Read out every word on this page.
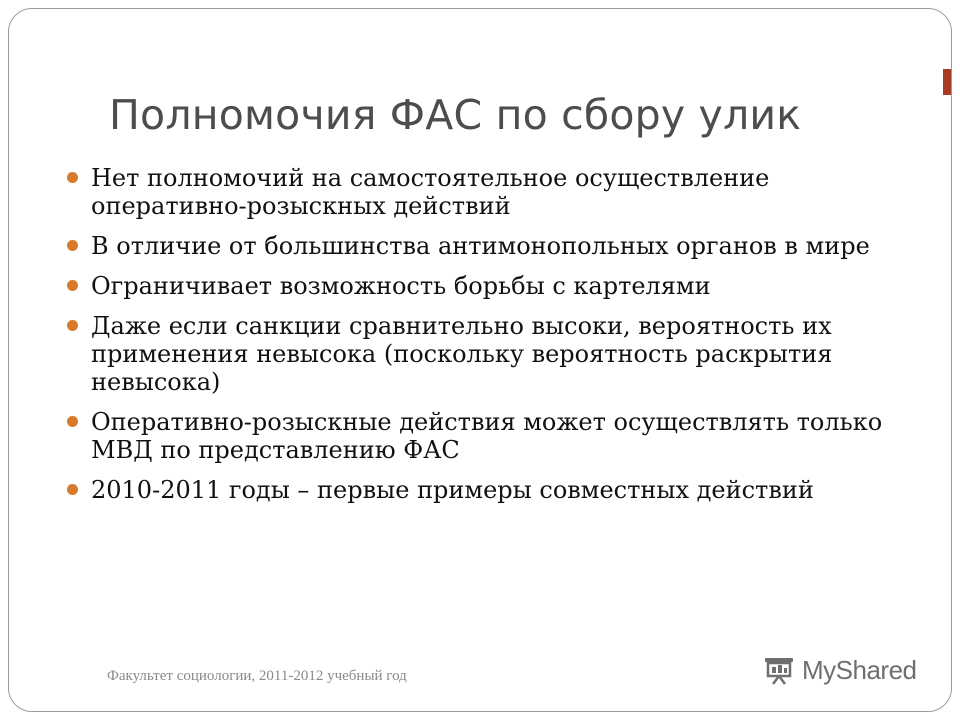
Полномочия ФАС по сбору улик
Нет полномочий на самостоятельное осуществление оперативно-розыскных действий
В отличие от большинства антимонопольных органов в мире
Ограничивает возможность борьбы с картелями
Даже если санкции сравнительно высоки, вероятность их применения невысока (поскольку вероятность раскрытия невысока)
Оперативно-розыскные действия может осуществлять только МВД по представлению ФАС
2010-2011 годы – первые примеры совместных действий
Факультет социологии, 2011-2012 учебный год	MyShared
